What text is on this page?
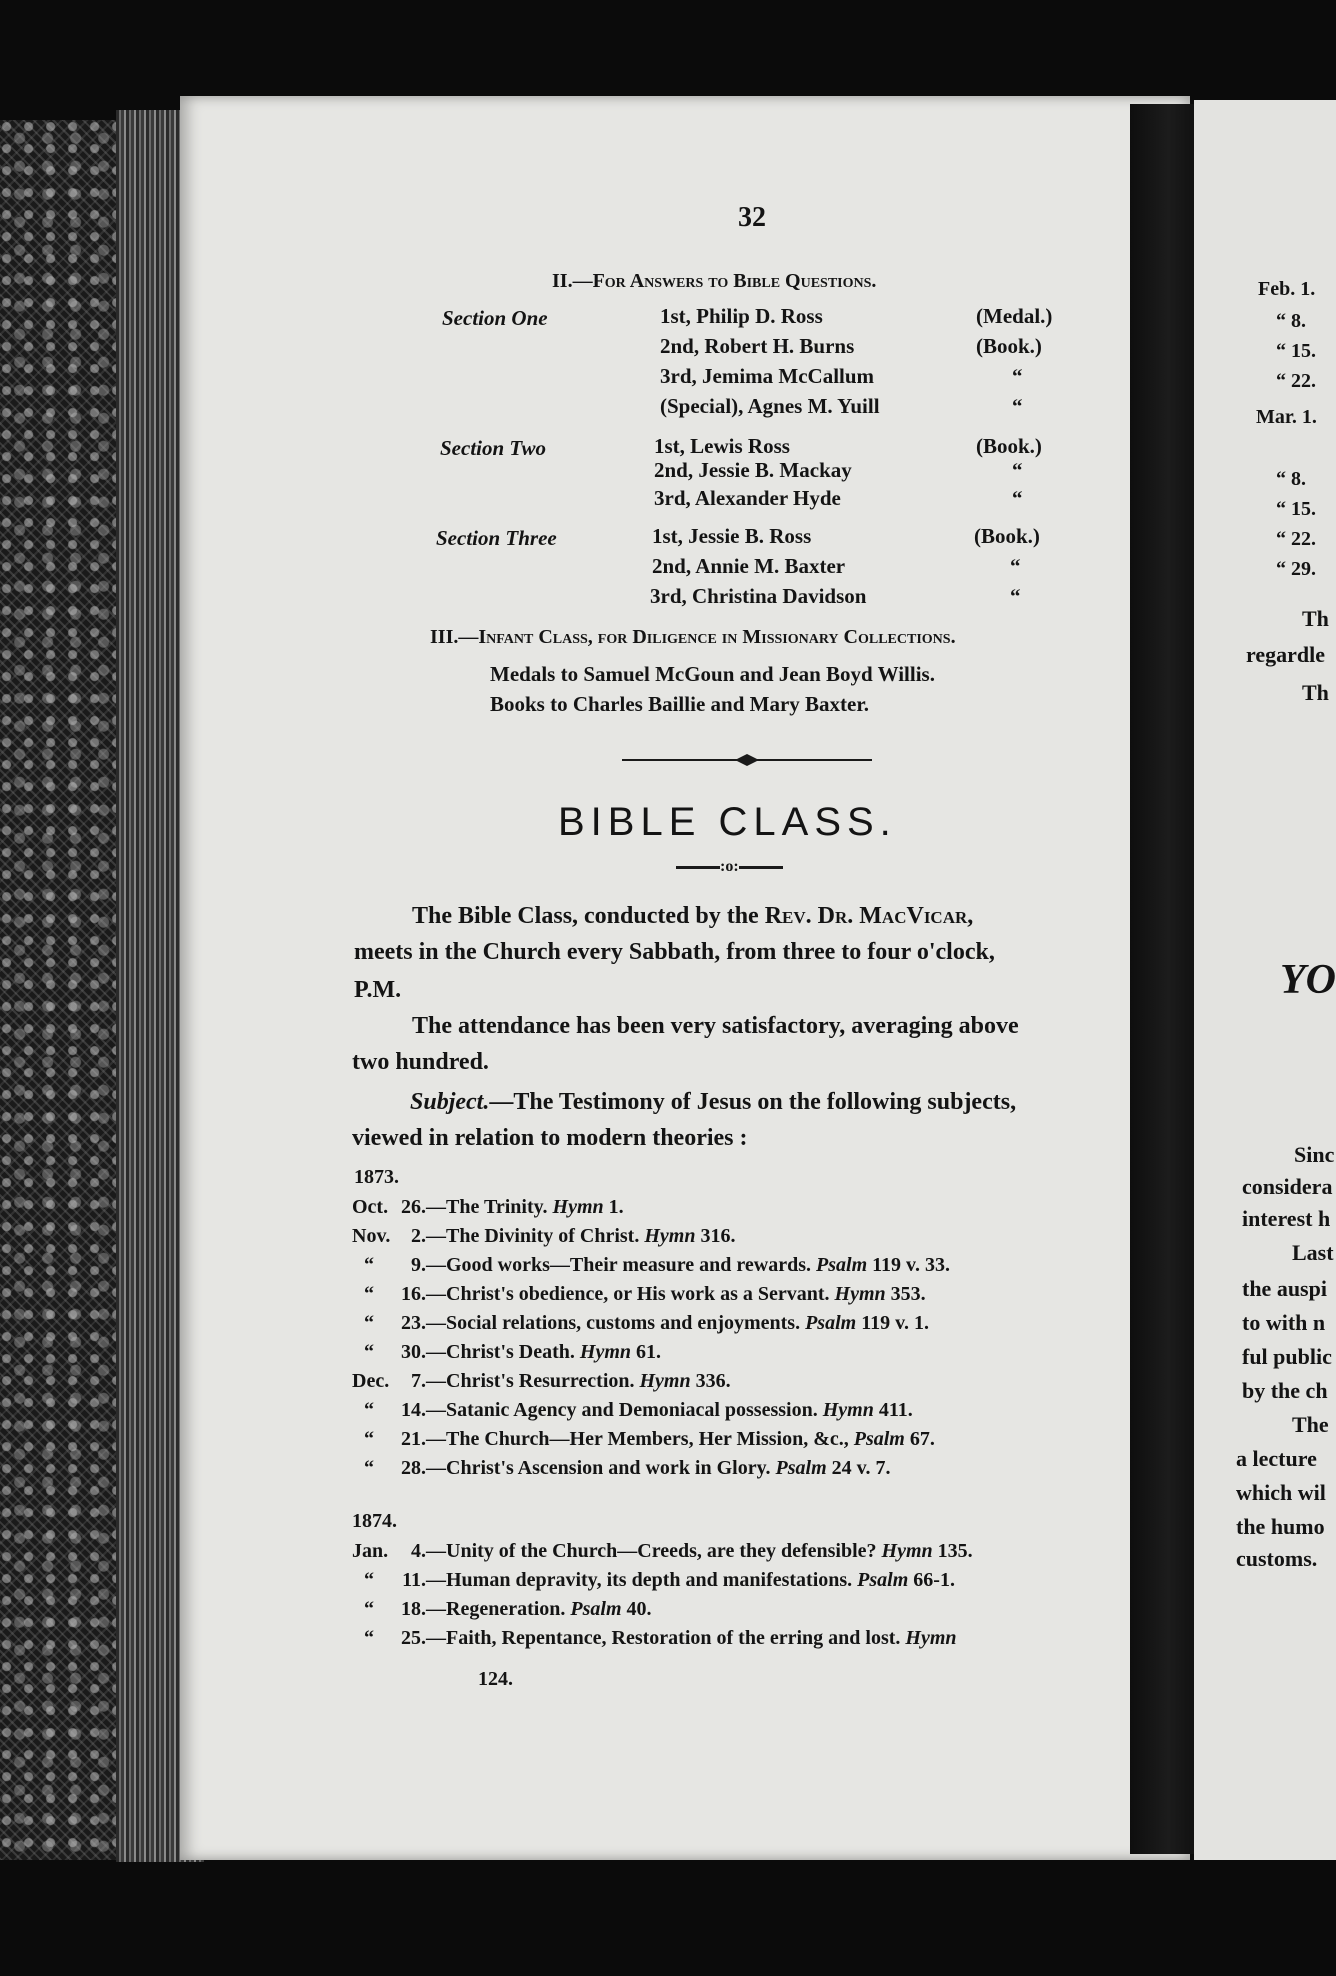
Feb. 1.
“ 8.
“ 15.
“ 22.
Mar. 1.
“ 8.
“ 15.
“ 22.
“ 29.
Th
regardle
Th
YO
Sinc
considera
interest h
Last
the auspi
to with n
ful public
by the ch
The
a lecture
which wil
the humo
customs.
32
II.—For Answers to Bible Questions.
Section One	1st, Philip D. Ross	(Medal.)
2nd, Robert H. Burns	(Book.)
3rd, Jemima McCallum	“
(Special), Agnes M. Yuill	“
Section Two	1st, Lewis Ross	(Book.)
2nd, Jessie B. Mackay	“
3rd, Alexander Hyde	“
Section Three	1st, Jessie B. Ross	(Book.)
2nd, Annie M. Baxter	“
3rd, Christina Davidson	“
III.—Infant Class, for Diligence in Missionary Collections.
Medals to Samuel McGoun and Jean Boyd Willis.
Books to Charles Baillie and Mary Baxter.
BIBLE CLASS.
:o:
The Bible Class, conducted by the Rev. Dr. MacVicar,
meets in the Church every Sabbath, from three to four o'clock,
P.M.
The attendance has been very satisfactory, averaging above
two hundred.
Subject.—The Testimony of Jesus on the following subjects,
viewed in relation to modern theories :
1873.
Oct. 26.—The Trinity. Hymn 1.
Nov. 2.—The Divinity of Christ. Hymn 316.
“ 9.—Good works—Their measure and rewards. Psalm 119 v. 33.
“ 16.—Christ's obedience, or His work as a Servant. Hymn 353.
“ 23.—Social relations, customs and enjoyments. Psalm 119 v. 1.
“ 30.—Christ's Death. Hymn 61.
Dec. 7.—Christ's Resurrection. Hymn 336.
“ 14.—Satanic Agency and Demoniacal possession. Hymn 411.
“ 21.—The Church—Her Members, Her Mission, &c., Psalm 67.
“ 28.—Christ's Ascension and work in Glory. Psalm 24 v. 7.
1874.
Jan. 4.—Unity of the Church—Creeds, are they defensible? Hymn 135.
“ 11.—Human depravity, its depth and manifestations. Psalm 66-1.
“ 18.—Regeneration. Psalm 40.
“ 25.—Faith, Repentance, Restoration of the erring and lost. Hymn
124.
